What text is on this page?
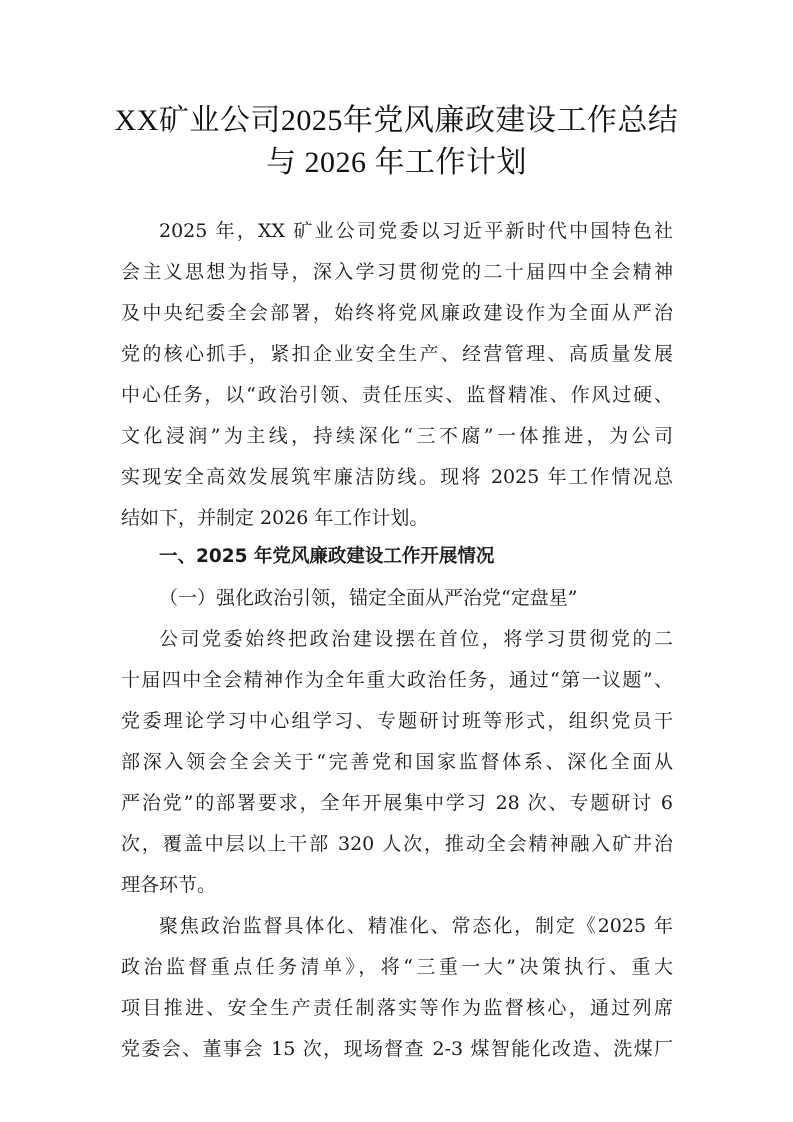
XX矿业公司2025年党风廉政建设工作总结
与 2026 年工作计划
2025 年，XX 矿业公司党委以习近平新时代中国特色社
会主义思想为指导，深入学习贯彻党的二十届四中全会精神
及中央纪委全会部署，始终将党风廉政建设作为全面从严治
党的核心抓手，紧扣企业安全生产、经营管理、高质量发展
中心任务，以“政治引领、责任压实、监督精准、作风过硬、
文化浸润”为主线，持续深化“三不腐”一体推进，为公司
实现安全高效发展筑牢廉洁防线。现将 2025 年工作情况总
结如下，并制定 2026 年工作计划。
一、2025 年党风廉政建设工作开展情况
（一）强化政治引领，锚定全面从严治党“定盘星”
公司党委始终把政治建设摆在首位，将学习贯彻党的二
十届四中全会精神作为全年重大政治任务，通过“第一议题”、
党委理论学习中心组学习、专题研讨班等形式，组织党员干
部深入领会全会关于“完善党和国家监督体系、深化全面从
严治党”的部署要求，全年开展集中学习 28 次、专题研讨 6
次，覆盖中层以上干部 320 人次，推动全会精神融入矿井治
理各环节。
聚焦政治监督具体化、精准化、常态化，制定《2025 年
政治监督重点任务清单》，将“三重一大”决策执行、重大
项目推进、安全生产责任制落实等作为监督核心，通过列席
党委会、董事会 15 次，现场督查 2-3 煤智能化改造、洗煤厂
